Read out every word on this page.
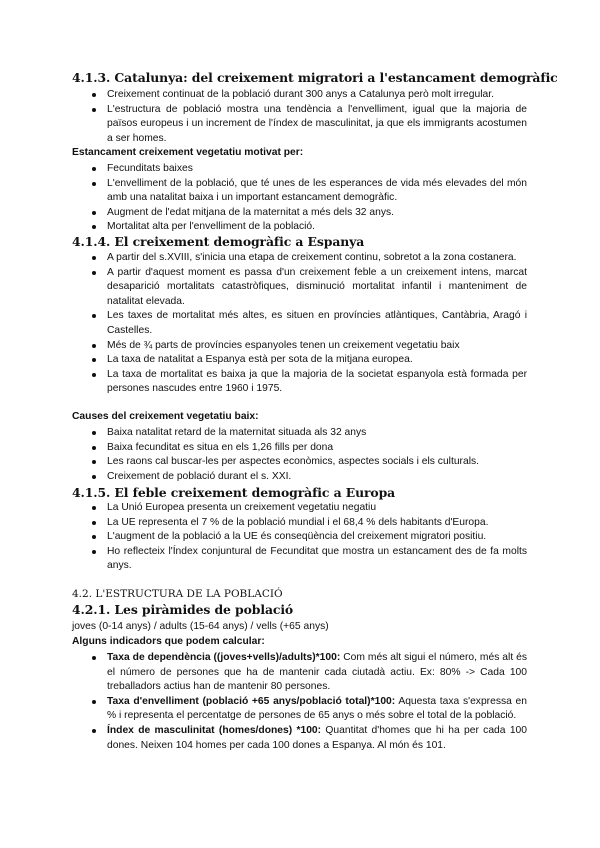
4.1.3. Catalunya: del creixement migratori a l'estancament demogràfic
Creixement continuat de la població durant 300 anys a Catalunya però molt irregular.
L'estructura de població mostra una tendència a l'envelliment, igual que la majoria de països europeus i un increment de l'índex de masculinitat, ja que els immigrants acostumen a ser homes.
Estancament creixement vegetatiu motivat per:
Fecunditats baixes
L'envelliment de la població, que té unes de les esperances de vida més elevades del món amb una natalitat baixa i un important estancament demogràfic.
Augment de l'edat mitjana de la maternitat a més dels 32 anys.
Mortalitat alta per l'envelliment de la població.
4.1.4. El creixement demogràfic a Espanya
A partir del s.XVIII, s'inicia una etapa de creixement continu, sobretot a la zona costanera.
A partir d'aquest moment es passa d'un creixement feble a un creixement intens, marcat desaparició mortalitats catastròfiques, disminució mortalitat infantil i manteniment de natalitat elevada.
Les taxes de mortalitat més altes, es situen en províncies atlàntiques, Cantàbria, Aragó i Castelles.
Més de ¾ parts de províncies espanyoles tenen un creixement vegetatiu baix
La taxa de natalitat a Espanya està per sota de la mitjana europea.
La taxa de mortalitat es baixa ja que la majoria de la societat espanyola està formada per persones nascudes entre 1960 i 1975.
Causes del creixement vegetatiu baix:
Baixa natalitat retard de la maternitat situada als 32 anys
Baixa fecunditat es situa en els 1,26 fills per dona
Les raons cal buscar-les per aspectes econòmics, aspectes socials i els culturals.
Creixement de població durant el s. XXI.
4.1.5. El feble creixement demogràfic a Europa
La Unió Europea presenta un creixement vegetatiu negatiu
La UE representa el 7 % de la població mundial i el 68,4 % dels habitants d'Europa.
L'augment de la població a la UE és conseqüència del creixement migratori positiu.
Ho reflecteix l'Índex conjuntural de Fecunditat que mostra un estancament des de fa molts anys.
4.2. L'ESTRUCTURA DE LA POBLACIÓ
4.2.1. Les piràmides de població
joves (0-14 anys) / adults (15-64 anys) / vells (+65 anys)
Alguns indicadors que podem calcular:
Taxa de dependència ((joves+vells)/adults)*100: Com més alt sigui el número, més alt és el número de persones que ha de mantenir cada ciutadà actiu. Ex: 80% -> Cada 100 treballadors actius han de mantenir 80 persones.
Taxa d'envelliment (població +65 anys/població total)*100: Aquesta taxa s'expressa en % i representa el percentatge de persones de 65 anys o més sobre el total de la població.
Índex de masculinitat (homes/dones) *100: Quantitat d'homes que hi ha per cada 100 dones. Neixen 104 homes per cada 100 dones a Espanya. Al món és 101.
